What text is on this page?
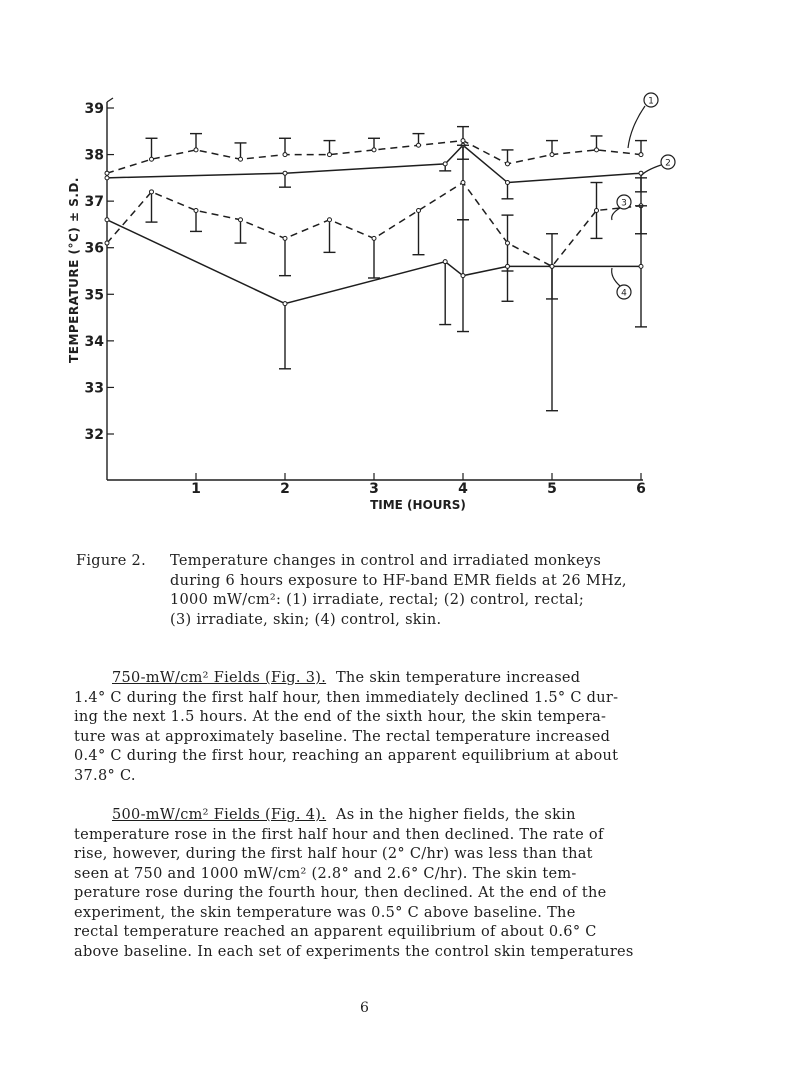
32
33
34
35
36
37
38
39
1	2	3	4	5	6
TIME (HOURS)
1
2
3
4
TEMPERATURE (°C) ± S.D.
Figure 2. Temperature changes in control and irradiated monkeys
during 6 hours exposure to HF-band EMR fields at 26 MHz,
1000 mW/cm²: (1) irradiate, rectal; (2) control, rectal;
(3) irradiate, skin; (4) control, skin.
750-mW/cm² Fields (Fig. 3). The skin temperature increased
1.4° C during the first half hour, then immediately declined 1.5° C dur-
ing the next 1.5 hours. At the end of the sixth hour, the skin tempera-
ture was at approximately baseline. The rectal temperature increased
0.4° C during the first hour, reaching an apparent equilibrium at about
37.8° C.
500-mW/cm² Fields (Fig. 4). As in the higher fields, the skin
temperature rose in the first half hour and then declined. The rate of
rise, however, during the first half hour (2° C/hr) was less than that
seen at 750 and 1000 mW/cm² (2.8° and 2.6° C/hr). The skin tem-
perature rose during the fourth hour, then declined. At the end of the
experiment, the skin temperature was 0.5° C above baseline. The
rectal temperature reached an apparent equilibrium of about 0.6° C
above baseline. In each set of experiments the control skin temperatures
6
